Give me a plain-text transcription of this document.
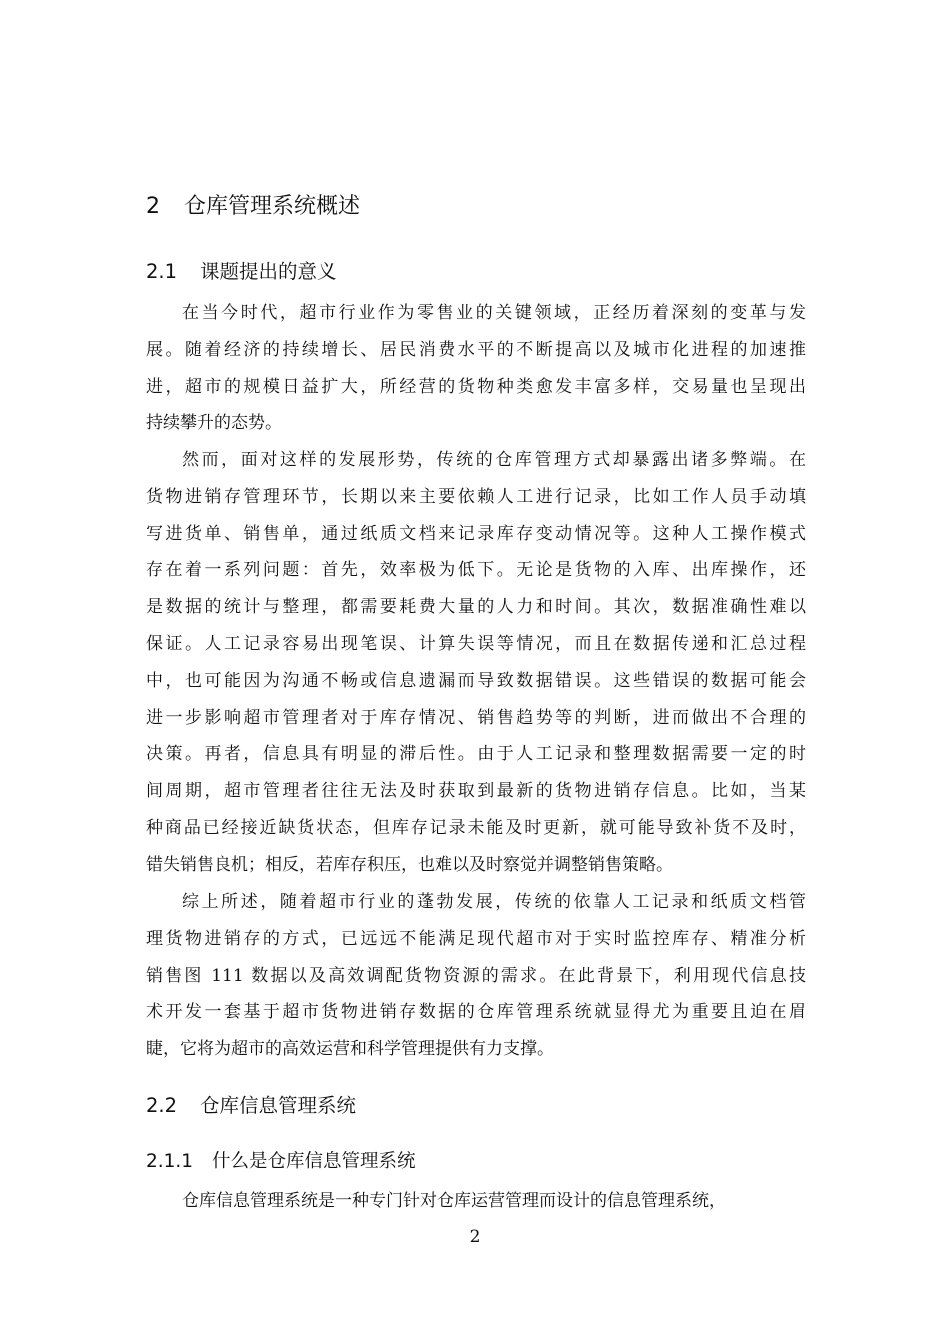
2 仓库管理系统概述
2.1 课题提出的意义
在当今时代，超市行业作为零售业的关键领域，正经历着深刻的变革与发
展。随着经济的持续增长、居民消费水平的不断提高以及城市化进程的加速推
进，超市的规模日益扩大，所经营的货物种类愈发丰富多样，交易量也呈现出
持续攀升的态势。
然而，面对这样的发展形势，传统的仓库管理方式却暴露出诸多弊端。在
货物进销存管理环节，长期以来主要依赖人工进行记录，比如工作人员手动填
写进货单、销售单，通过纸质文档来记录库存变动情况等。这种人工操作模式
存在着一系列问题：首先，效率极为低下。无论是货物的入库、出库操作，还
是数据的统计与整理，都需要耗费大量的人力和时间。其次，数据准确性难以
保证。人工记录容易出现笔误、计算失误等情况，而且在数据传递和汇总过程
中，也可能因为沟通不畅或信息遗漏而导致数据错误。这些错误的数据可能会
进一步影响超市管理者对于库存情况、销售趋势等的判断，进而做出不合理的
决策。再者，信息具有明显的滞后性。由于人工记录和整理数据需要一定的时
间周期，超市管理者往往无法及时获取到最新的货物进销存信息。比如，当某
种商品已经接近缺货状态，但库存记录未能及时更新，就可能导致补货不及时，
错失销售良机；相反，若库存积压，也难以及时察觉并调整销售策略。
综上所述，随着超市行业的蓬勃发展，传统的依靠人工记录和纸质文档管
理货物进销存的方式，已远远不能满足现代超市对于实时监控库存、精准分析
销售图 111 数据以及高效调配货物资源的需求。在此背景下，利用现代信息技
术开发一套基于超市货物进销存数据的仓库管理系统就显得尤为重要且迫在眉
睫，它将为超市的高效运营和科学管理提供有力支撑。
2.2 仓库信息管理系统
2.1.1 什么是仓库信息管理系统
仓库信息管理系统是一种专门针对仓库运营管理而设计的信息管理系统，
2
